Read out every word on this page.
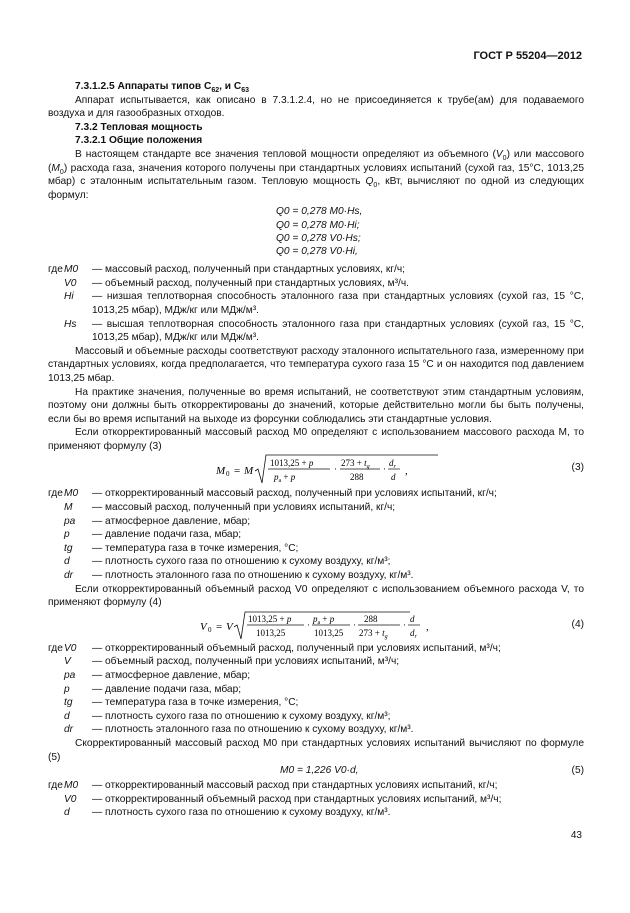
ГОСТ Р 55204—2012

7.3.1.2.5 Аппараты типов $C_{62}$, и $C_{63}$

Аппарат испытывается, как описано в 7.3.1.2.4, но не присоединяется к трубе(ам) для подаваемого воздуха и для газообразных отходов.

7.3.2 Тепловая мощность

7.3.2.1 Общие положения

В настоящем стандарте все значения тепловой мощности определяют из объемного $(V_0)$ или массового $(M_0)$ расхода газа, значения которого получены при стандартных условиях испытаний (сухой газ, 15°C, 1013,25 мбар) с эталонным испытательным газом. Тепловую мощность $Q_0$, кВт, вычисляют по одной из следующих формул:

Q0 = 0,278 M0·Hs,
Q0 = 0,278 M0·Hi;
Q0 = 0,278 V0·Hs;
Q0 = 0,278 V0·Hi,
где M0	— массовый расход, полученный при стандартных условиях, кг/ч;
V0	— объемный расход, полученный при стандартных условиях, м³/ч.
Hi	— низшая теплотворная способность эталонного газа при стандартных условиях (сухой газ, 15 °C, 1013,25 мбар), МДж/кг или МДж/м³.
Hs	— высшая теплотворная способность эталонного газа при стандартных условиях (сухой газ, 15 °C, 1013,25 мбар), МДж/кг или МДж/м³.

Массовый и объемные расходы соответствуют расходу эталонного испытательного газа, измеренному при стандартных условиях, когда предполагается, что температура сухого газа 15 °C и он находится под давлением 1013,25 мбар.

На практике значения, полученные во время испытаний, не соответствуют этим стандартным условиям, поэтому они должны быть откорректированы до значений, которые действительно могли бы быть получены, если бы во время испытаний на выходе из форсунки соблюдались эти стандартные условия.

Если откорректированный массовый расход M0 определяют с использованием массового расхода M, то применяют формулу (3)

M 0 = M
1013,25 + p
$p_a + p$
·
$273 + t_g$
288
·
$d_r$
d ,	(3)
где M0	— откорректированный массовый расход, полученный при условиях испытаний, кг/ч;
M	— массовый расход, полученный при условиях испытаний, кг/ч;
pa	— атмосферное давление, мбар;
p	— давление подачи газа, мбар;
tg	— температура газа в точке измерения, °C;
d	— плотность сухого газа по отношению к сухому воздуху, кг/м³;
dr	— плотность эталонного газа по отношению к сухому воздуху, кг/м³.

Если откорректированный объемный расход V0 определяют с использованием объемного расхода V, то применяют формулу (4)

V 0 = V
1013,25 + p
1013,25
·
$p_a + p$
1013,25
·
288
$273 + t_g$
·
d
$d_r$
,	(4)
где V0	— откорректированный объемный расход, полученный при условиях испытаний, м³/ч;
V	— объемный расход, полученный при условиях испытаний, м³/ч;
pa	— атмосферное давление, мбар;
p	— давление подачи газа, мбар;
tg	— температура газа в точке измерения, °C;
d	— плотность сухого газа по отношению к сухому воздуху, кг/м³;
dr	— плотность эталонного газа по отношению к сухому воздуху, кг/м³.

Скорректированный массовый расход M0 при стандартных условиях испытаний вычисляют по формуле (5)

M0 = 1,226 V0·d,	(5)
где M0	— откорректированный массовый расход при стандартных условиях испытаний, кг/ч;
V0	— откорректированный объемный расход при стандартных условиях испытаний, м³/ч;
d	— плотность сухого газа по отношению к сухому воздуху, кг/м³.
43
